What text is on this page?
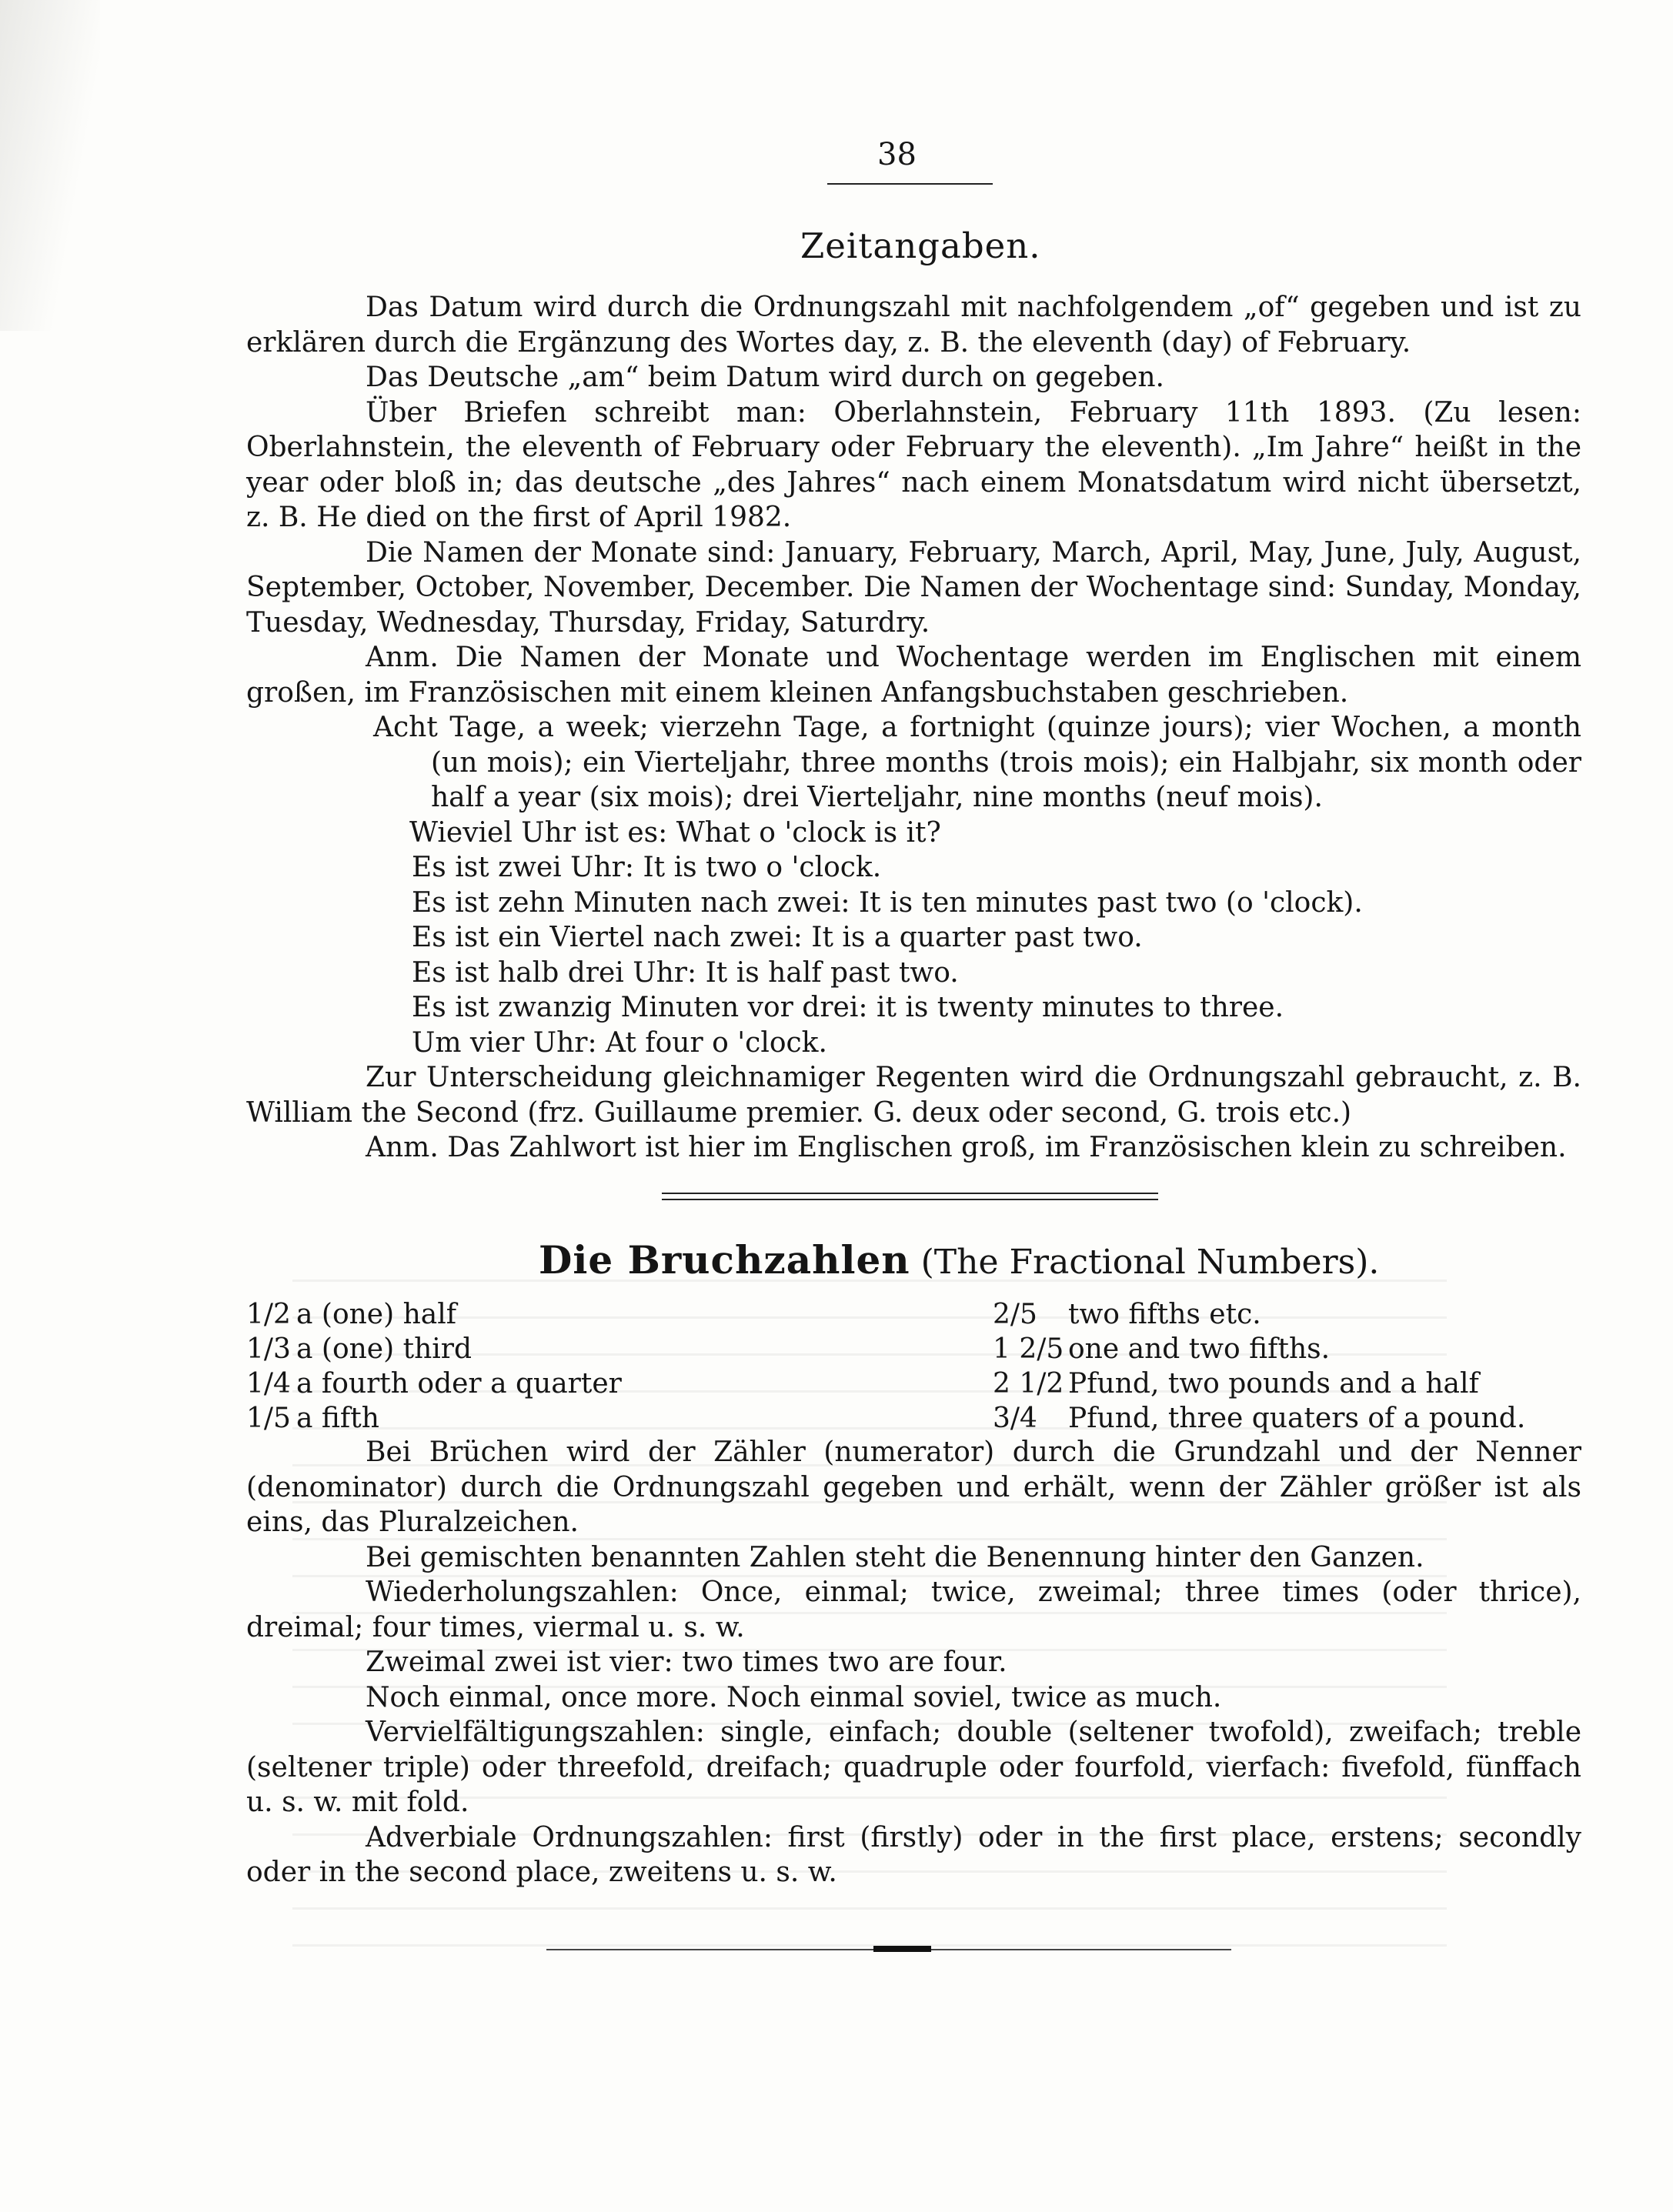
38
Zeitangaben.

Das Datum wird durch die Ordnungszahl mit nachfolgendem „of“ gegeben und ist zu erklären durch die Ergänzung des Wortes day, z. B. the eleventh (day) of February.

Das Deutsche „am“ beim Datum wird durch on gegeben.

Über Briefen schreibt man: Oberlahnstein, February 11th 1893. (Zu lesen: Oberlahnstein, the eleventh of February oder February the eleventh). „Im Jahre“ heißt in the year oder bloß in; das deutsche „des Jahres“ nach einem Monatsdatum wird nicht übersetzt, z. B. He died on the first of April 1982.

Die Namen der Monate sind: January, February, March, April, May, June, July, August, September, October, November, December. Die Namen der Wochentage sind: Sunday, Monday, Tuesday, Wednesday, Thursday, Friday, Saturdry.

Anm. Die Namen der Monate und Wochentage werden im Englischen mit einem großen, im Französischen mit einem kleinen Anfangsbuchstaben geschrieben.

Acht Tage, a week; vierzehn Tage, a fortnight (quinze jours); vier Wochen, a month (un mois); ein Vierteljahr, three months (trois mois); ein Halbjahr, six month oder half a year (six mois); drei Vierteljahr, nine months (neuf mois).

Wieviel Uhr ist es: What o 'clock is it?
Es ist zwei Uhr: It is two o 'clock.
Es ist zehn Minuten nach zwei: It is ten minutes past two (o 'clock).
Es ist ein Viertel nach zwei: It is a quarter past two.
Es ist halb drei Uhr: It is half past two.
Es ist zwanzig Minuten vor drei: it is twenty minutes to three.
Um vier Uhr: At four o 'clock.

Zur Unterscheidung gleichnamiger Regenten wird die Ordnungszahl gebraucht, z. B. William the Second (frz. Guillaume premier. G. deux oder second, G. trois etc.)

Anm. Das Zahlwort ist hier im Englischen groß, im Französischen klein zu schreiben.

Die Bruchzahlen (The Fractional Numbers).
1/2 a (one) half	2/5 two fifths etc.
1/3 a (one) third	1 2/5 one and two fifths.
1/4 a fourth oder a quarter	2 1/2 Pfund, two pounds and a half
1/5 a fifth	3/4 Pfund, three quaters of a pound.

Bei Brüchen wird der Zähler (numerator) durch die Grundzahl und der Nenner (denominator) durch die Ordnungszahl gegeben und erhält, wenn der Zähler größer ist als eins, das Pluralzeichen.

Bei gemischten benannten Zahlen steht die Benennung hinter den Ganzen.

Wiederholungszahlen: Once, einmal; twice, zweimal; three times (oder thrice), dreimal; four times, viermal u. s. w.

Zweimal zwei ist vier: two times two are four.

Noch einmal, once more. Noch einmal soviel, twice as much.

Vervielfältigungszahlen: single, einfach; double (seltener twofold), zweifach; treble (seltener triple) oder threefold, dreifach; quadruple oder fourfold, vierfach: fivefold, fünffach u. s. w. mit fold.

Adverbiale Ordnungszahlen: first (firstly) oder in the first place, erstens; secondly oder in the second place, zweitens u. s. w.
